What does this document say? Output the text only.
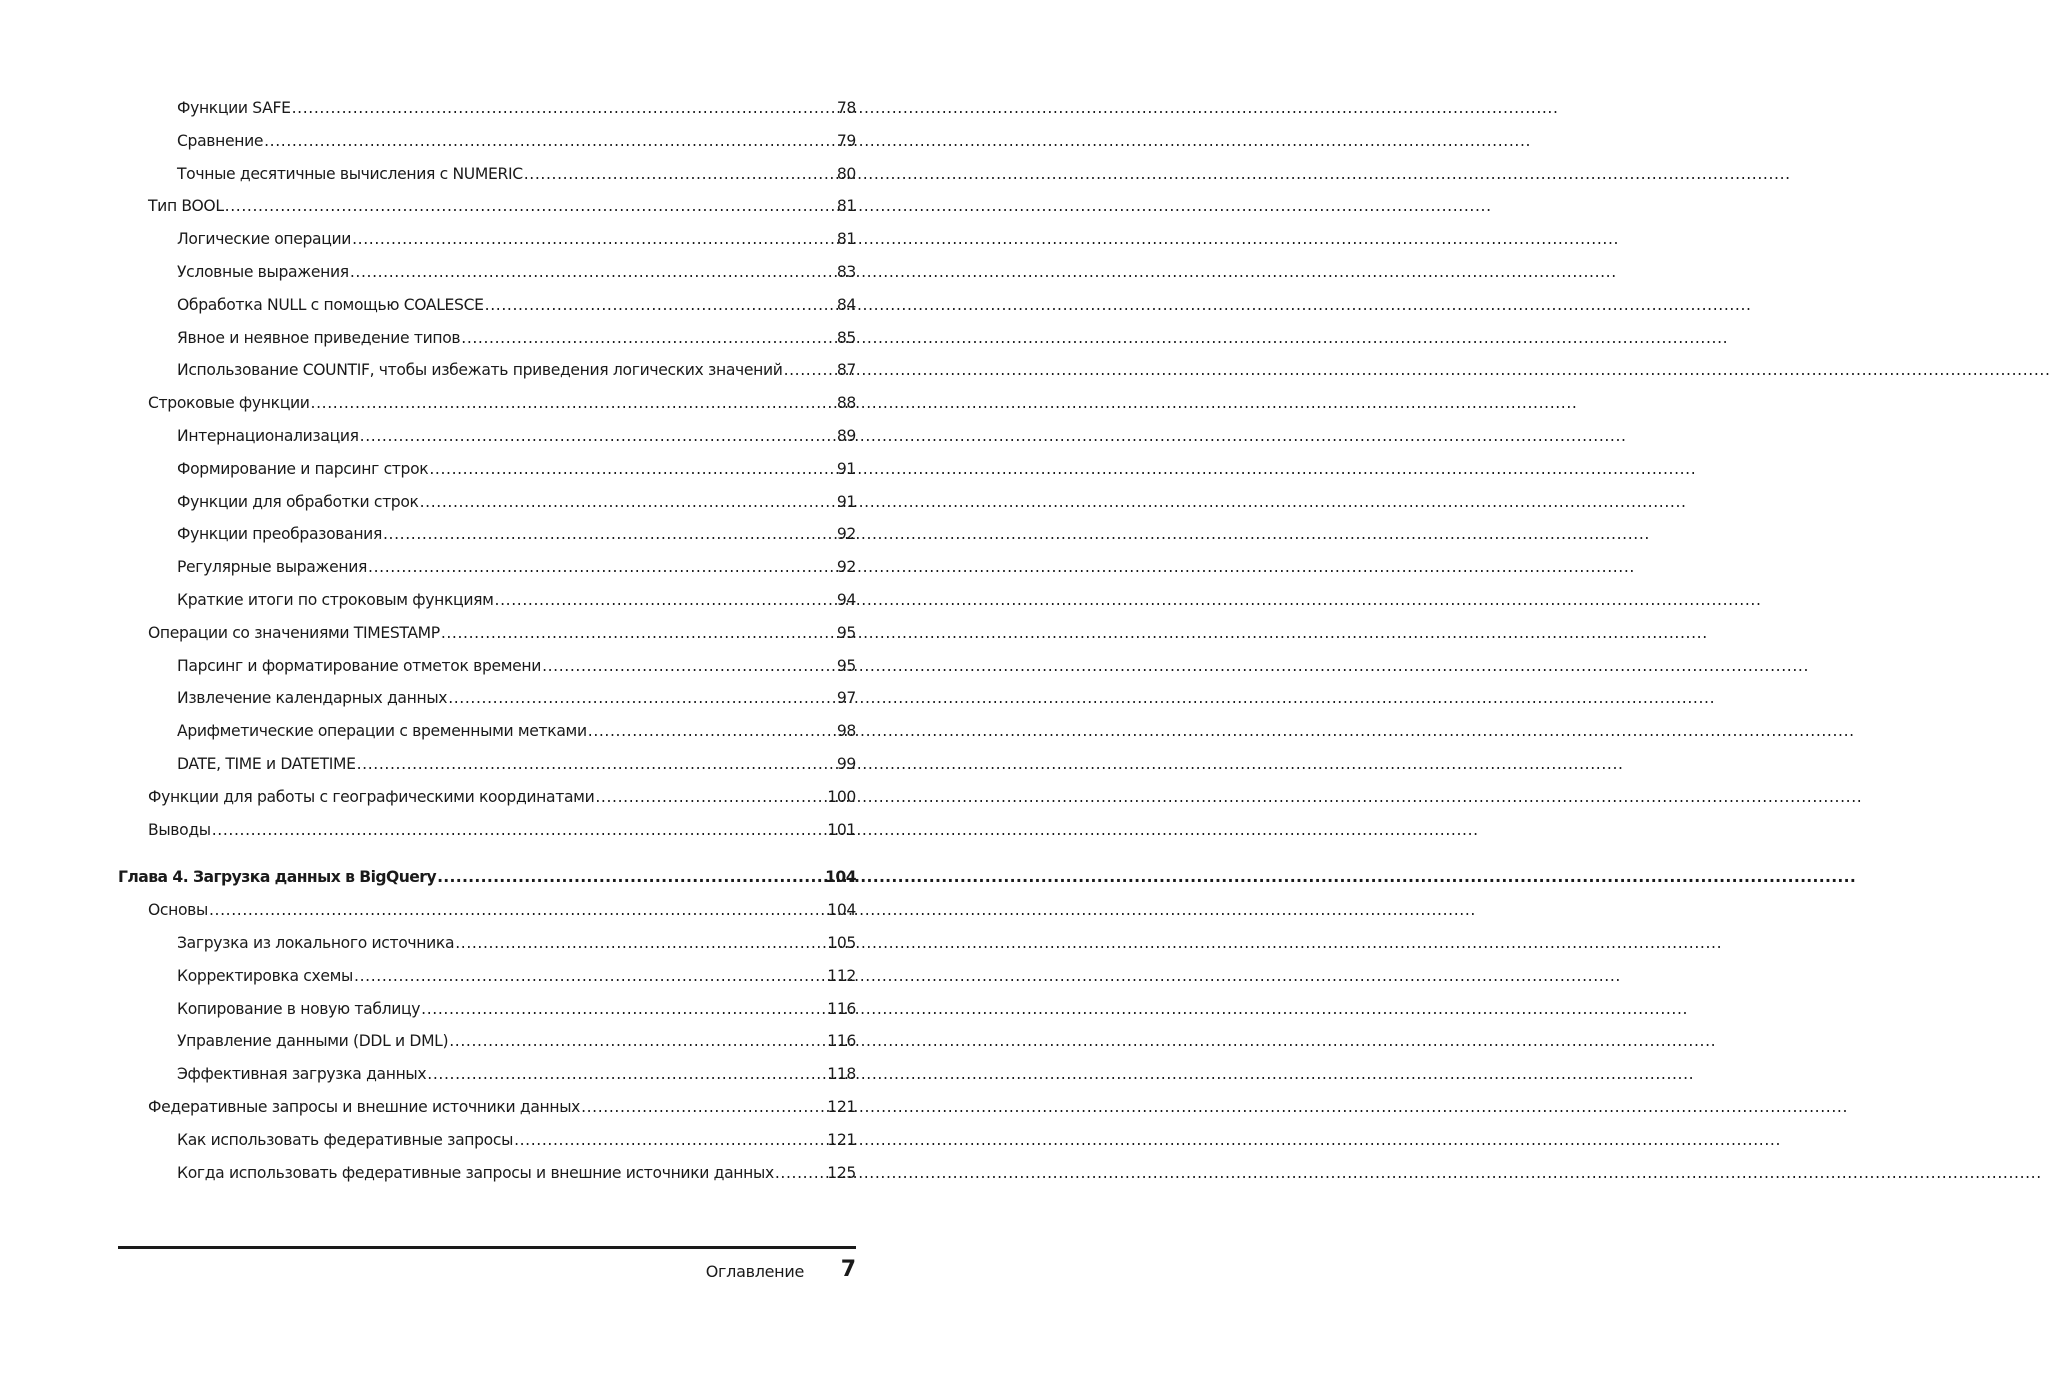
Функции SAFE .....	78
Сравнение .....	79
Точные десятичные вычисления с NUMERIC .....	80
Тип BOOL .....	81
Логические операции .....	81
Условные выражения .....	83
Обработка NULL с помощью COALESCE .....	84
Явное и неявное приведение типов .....	85
Использование COUNTIF, чтобы избежать приведения логических значений .....	87
Строковые функции .....	88
Интернационализация .....	89
Формирование и парсинг строк .....	91
Функции для обработки строк .....	91
Функции преобразования .....	92
Регулярные выражения .....	92
Краткие итоги по строковым функциям .....	94
Операции со значениями TIMESTAMP .....	95
Парсинг и форматирование отметок времени .....	95
Извлечение календарных данных .....	97
Арифметические операции с временными метками .....	98
DATE, TIME и DATETIME .....	99
Функции для работы с географическими координатами .....	100
Выводы .....	101
Глава 4. Загрузка данных в BigQuery .....	104
Основы .....	104
Загрузка из локального источника .....	105
Корректировка схемы .....	112
Копирование в новую таблицу .....	116
Управление данными (DDL и DML) .....	116
Эффективная загрузка данных .....	118
Федеративные запросы и внешние источники данных .....	121
Как использовать федеративные запросы .....	121
Когда использовать федеративные запросы и внешние источники данных .....	125
Оглавление 7
